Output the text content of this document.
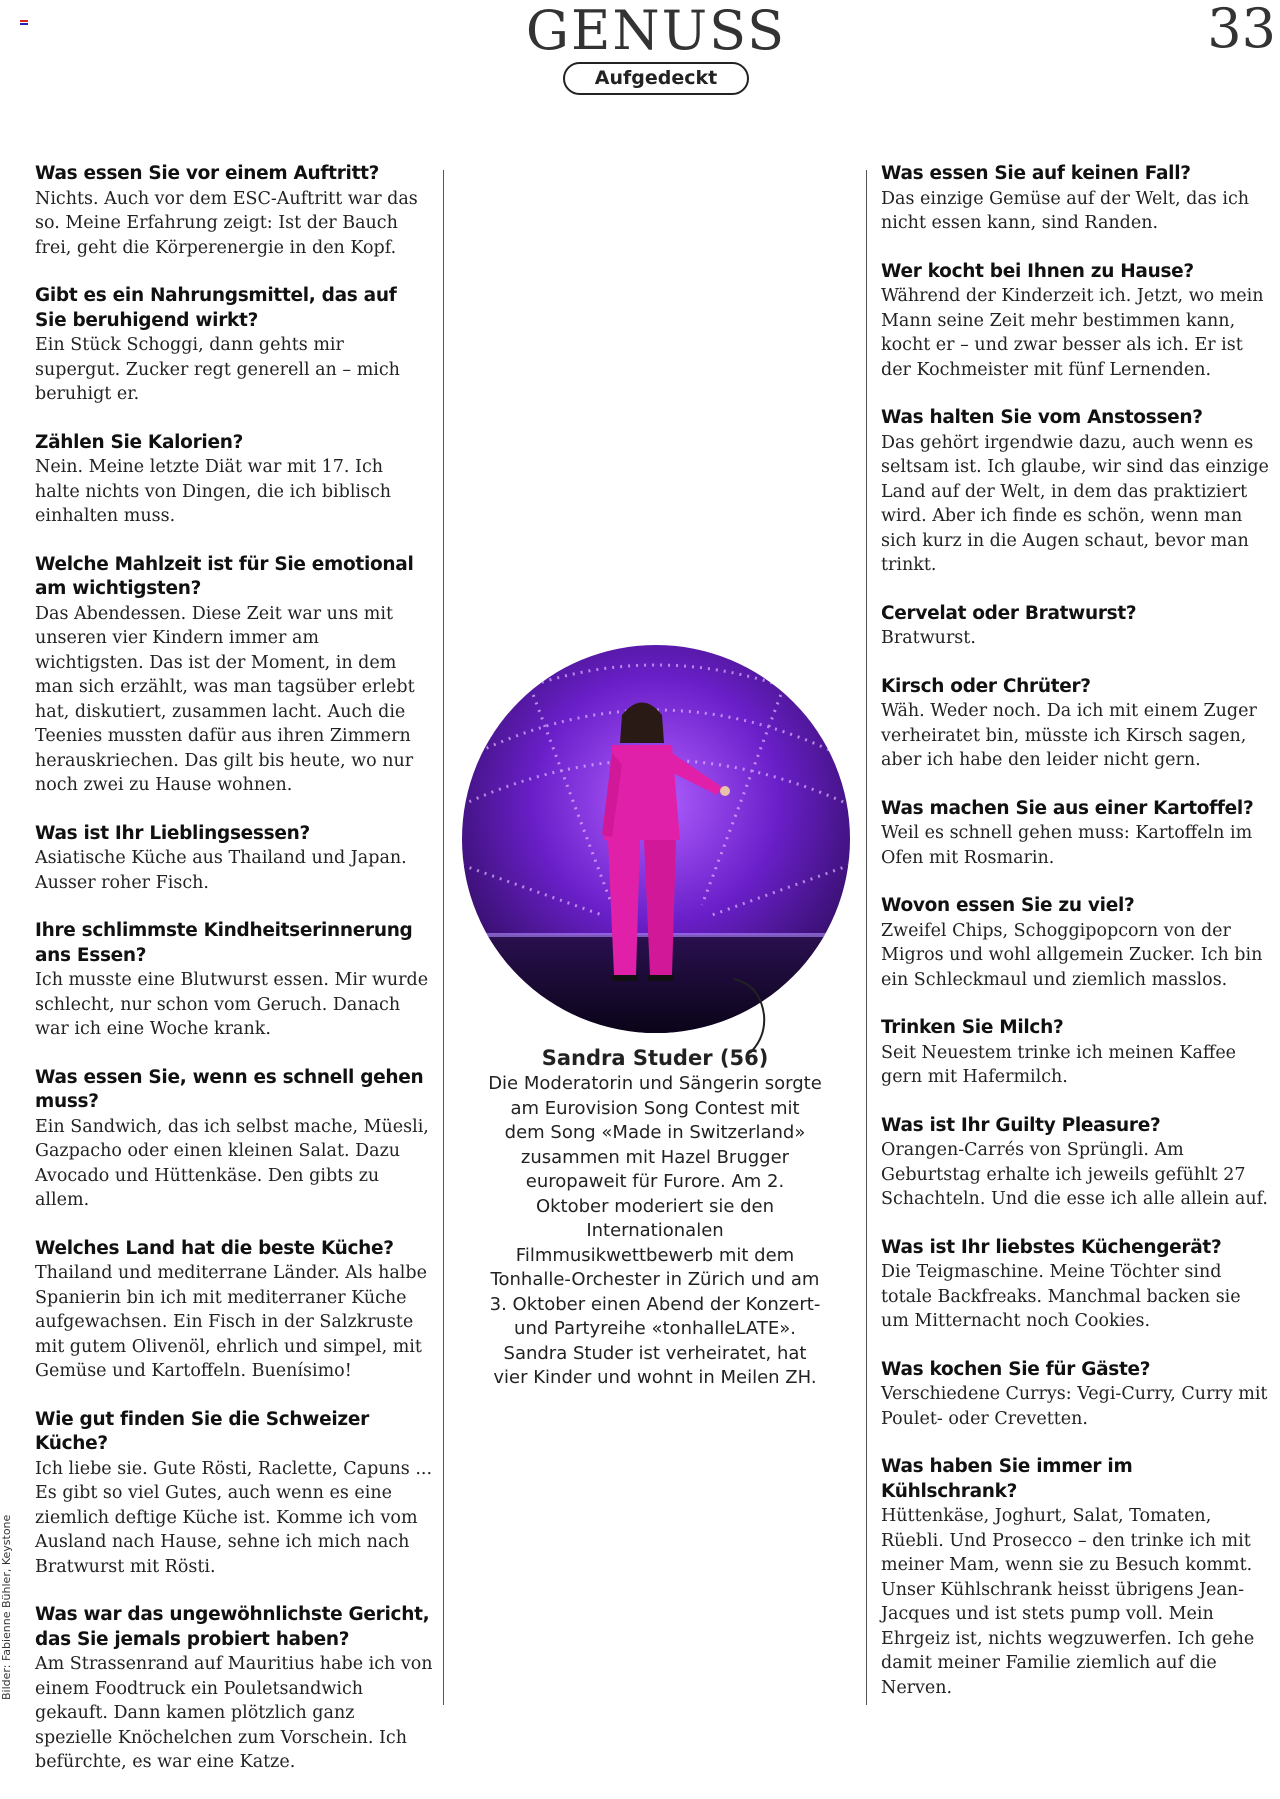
GENUSS
Aufgedeckt
33
Bilder: Fabienne Bühler, Keystone
Was essen Sie vor einem Auftritt?
Nichts. Auch vor dem ESC-Auftritt war das so. Meine Erfahrung zeigt: Ist der Bauch frei, geht die Körperenergie in den Kopf.
Gibt es ein Nahrungsmittel, das auf Sie beruhigend wirkt?
Ein Stück Schoggi, dann gehts mir supergut. Zucker regt generell an – mich beruhigt er.
Zählen Sie Kalorien?
Nein. Meine letzte Diät war mit 17. Ich halte nichts von Dingen, die ich biblisch einhalten muss.
Welche Mahlzeit ist für Sie emotional am wichtigsten?
Das Abendessen. Diese Zeit war uns mit unseren vier Kindern immer am wichtigsten. Das ist der Moment, in dem man sich erzählt, was man tagsüber erlebt hat, diskutiert, zusammen lacht. Auch die Teenies mussten dafür aus ihren Zimmern herauskriechen. Das gilt bis heute, wo nur noch zwei zu Hause wohnen.
Was ist Ihr Lieblingsessen?
Asiatische Küche aus Thailand und Japan. Ausser roher Fisch.
Ihre schlimmste Kindheitserinnerung ans Essen?
Ich musste eine Blutwurst essen. Mir wurde schlecht, nur schon vom Geruch. Danach war ich eine Woche krank.
Was essen Sie, wenn es schnell gehen muss?
Ein Sandwich, das ich selbst mache, Müesli, Gazpacho oder einen kleinen Salat. Dazu Avocado und Hüttenkäse. Den gibts zu allem.
Welches Land hat die beste Küche?
Thailand und mediterrane Länder. Als halbe Spanierin bin ich mit mediterraner Küche aufgewachsen. Ein Fisch in der Salzkruste mit gutem Olivenöl, ehrlich und simpel, mit Gemüse und Kartoffeln. Buenísimo!
Wie gut finden Sie die Schweizer Küche?
Ich liebe sie. Gute Rösti, Raclette, Capuns ... Es gibt so viel Gutes, auch wenn es eine ziemlich deftige Küche ist. Komme ich vom Ausland nach Hause, sehne ich mich nach Bratwurst mit Rösti.
Was war das ungewöhnlichste Gericht, das Sie jemals probiert haben?
Am Strassenrand auf Mauritius habe ich von einem Foodtruck ein Pouletsandwich gekauft. Dann kamen plötzlich ganz spezielle Knöchelchen zum Vorschein. Ich befürchte, es war eine Katze.
Sandra Studer (56)
Die Moderatorin und Sängerin sorgte am Eurovision Song Contest mit dem Song «Made in Switzerland» zusammen mit Hazel Brugger europaweit für Furore. Am 2. Oktober moderiert sie den Internationalen Filmmusikwettbewerb mit dem Tonhalle-Orchester in Zürich und am 3. Oktober einen Abend der Konzert- und Partyreihe «tonhalleLATE». Sandra Studer ist verheiratet, hat vier Kinder und wohnt in Meilen ZH.
Was essen Sie auf keinen Fall?
Das einzige Gemüse auf der Welt, das ich nicht essen kann, sind Randen.
Wer kocht bei Ihnen zu Hause?
Während der Kinderzeit ich. Jetzt, wo mein Mann seine Zeit mehr bestimmen kann, kocht er – und zwar besser als ich. Er ist der Kochmeister mit fünf Lernenden.
Was halten Sie vom Anstossen?
Das gehört irgendwie dazu, auch wenn es seltsam ist. Ich glaube, wir sind das einzige Land auf der Welt, in dem das praktiziert wird. Aber ich finde es schön, wenn man sich kurz in die Augen schaut, bevor man trinkt.
Cervelat oder Bratwurst?
Bratwurst.
Kirsch oder Chrüter?
Wäh. Weder noch. Da ich mit einem Zuger verheiratet bin, müsste ich Kirsch sagen, aber ich habe den leider nicht gern.
Was machen Sie aus einer Kartoffel?
Weil es schnell gehen muss: Kartoffeln im Ofen mit Rosmarin.
Wovon essen Sie zu viel?
Zweifel Chips, Schoggipopcorn von der Migros und wohl allgemein Zucker. Ich bin ein Schleckmaul und ziemlich masslos.
Trinken Sie Milch?
Seit Neuestem trinke ich meinen Kaffee gern mit Hafermilch.
Was ist Ihr Guilty Pleasure?
Orangen-Carrés von Sprüngli. Am Geburtstag erhalte ich jeweils gefühlt 27 Schachteln. Und die esse ich alle allein auf.
Was ist Ihr liebstes Küchengerät?
Die Teigmaschine. Meine Töchter sind totale Backfreaks. Manchmal backen sie um Mitternacht noch Cookies.
Was kochen Sie für Gäste?
Verschiedene Currys: Vegi-Curry, Curry mit Poulet- oder Crevetten.
Was haben Sie immer im Kühlschrank?
Hüttenkäse, Joghurt, Salat, Tomaten, Rüebli. Und Prosecco – den trinke ich mit meiner Mam, wenn sie zu Besuch kommt. Unser Kühlschrank heisst übrigens Jean-Jacques und ist stets pump voll. Mein Ehrgeiz ist, nichts wegzuwerfen. Ich gehe damit meiner Familie ziemlich auf die Nerven.
